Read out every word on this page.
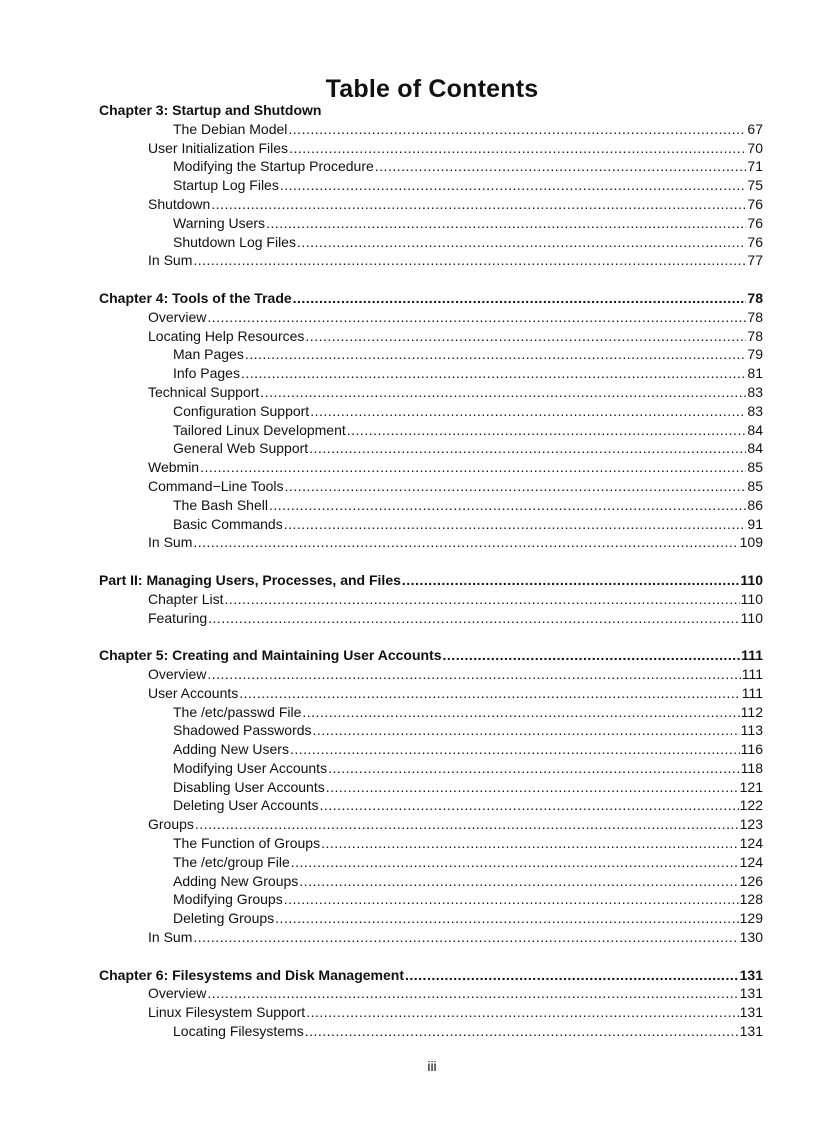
Table of Contents
Chapter 3: Startup and Shutdown
The Debian Model .....	67
User Initialization Files .....	70
Modifying the Startup Procedure .....	71
Startup Log Files .....	75
Shutdown .....	76
Warning Users .....	76
Shutdown Log Files .....	76
In Sum .....	77
Chapter 4: Tools of the Trade .....	78
Overview .....	78
Locating Help Resources .....	78
Man Pages .....	79
Info Pages .....	81
Technical Support .....	83
Configuration Support .....	83
Tailored Linux Development .....	84
General Web Support .....	84
Webmin .....	85
Command−Line Tools .....	85
The Bash Shell .....	86
Basic Commands .....	91
In Sum .....	109
Part II: Managing Users, Processes, and Files .....	110
Chapter List .....	110
Featuring .....	110
Chapter 5: Creating and Maintaining User Accounts .....	111
Overview .....	111
User Accounts .....	111
The /etc/passwd File .....	112
Shadowed Passwords .....	113
Adding New Users .....	116
Modifying User Accounts .....	118
Disabling User Accounts .....	121
Deleting User Accounts .....	122
Groups .....	123
The Function of Groups .....	124
The /etc/group File .....	124
Adding New Groups .....	126
Modifying Groups .....	128
Deleting Groups .....	129
In Sum .....	130
Chapter 6: Filesystems and Disk Management .....	131
Overview .....	131
Linux Filesystem Support .....	131
Locating Filesystems .....	131
iii
